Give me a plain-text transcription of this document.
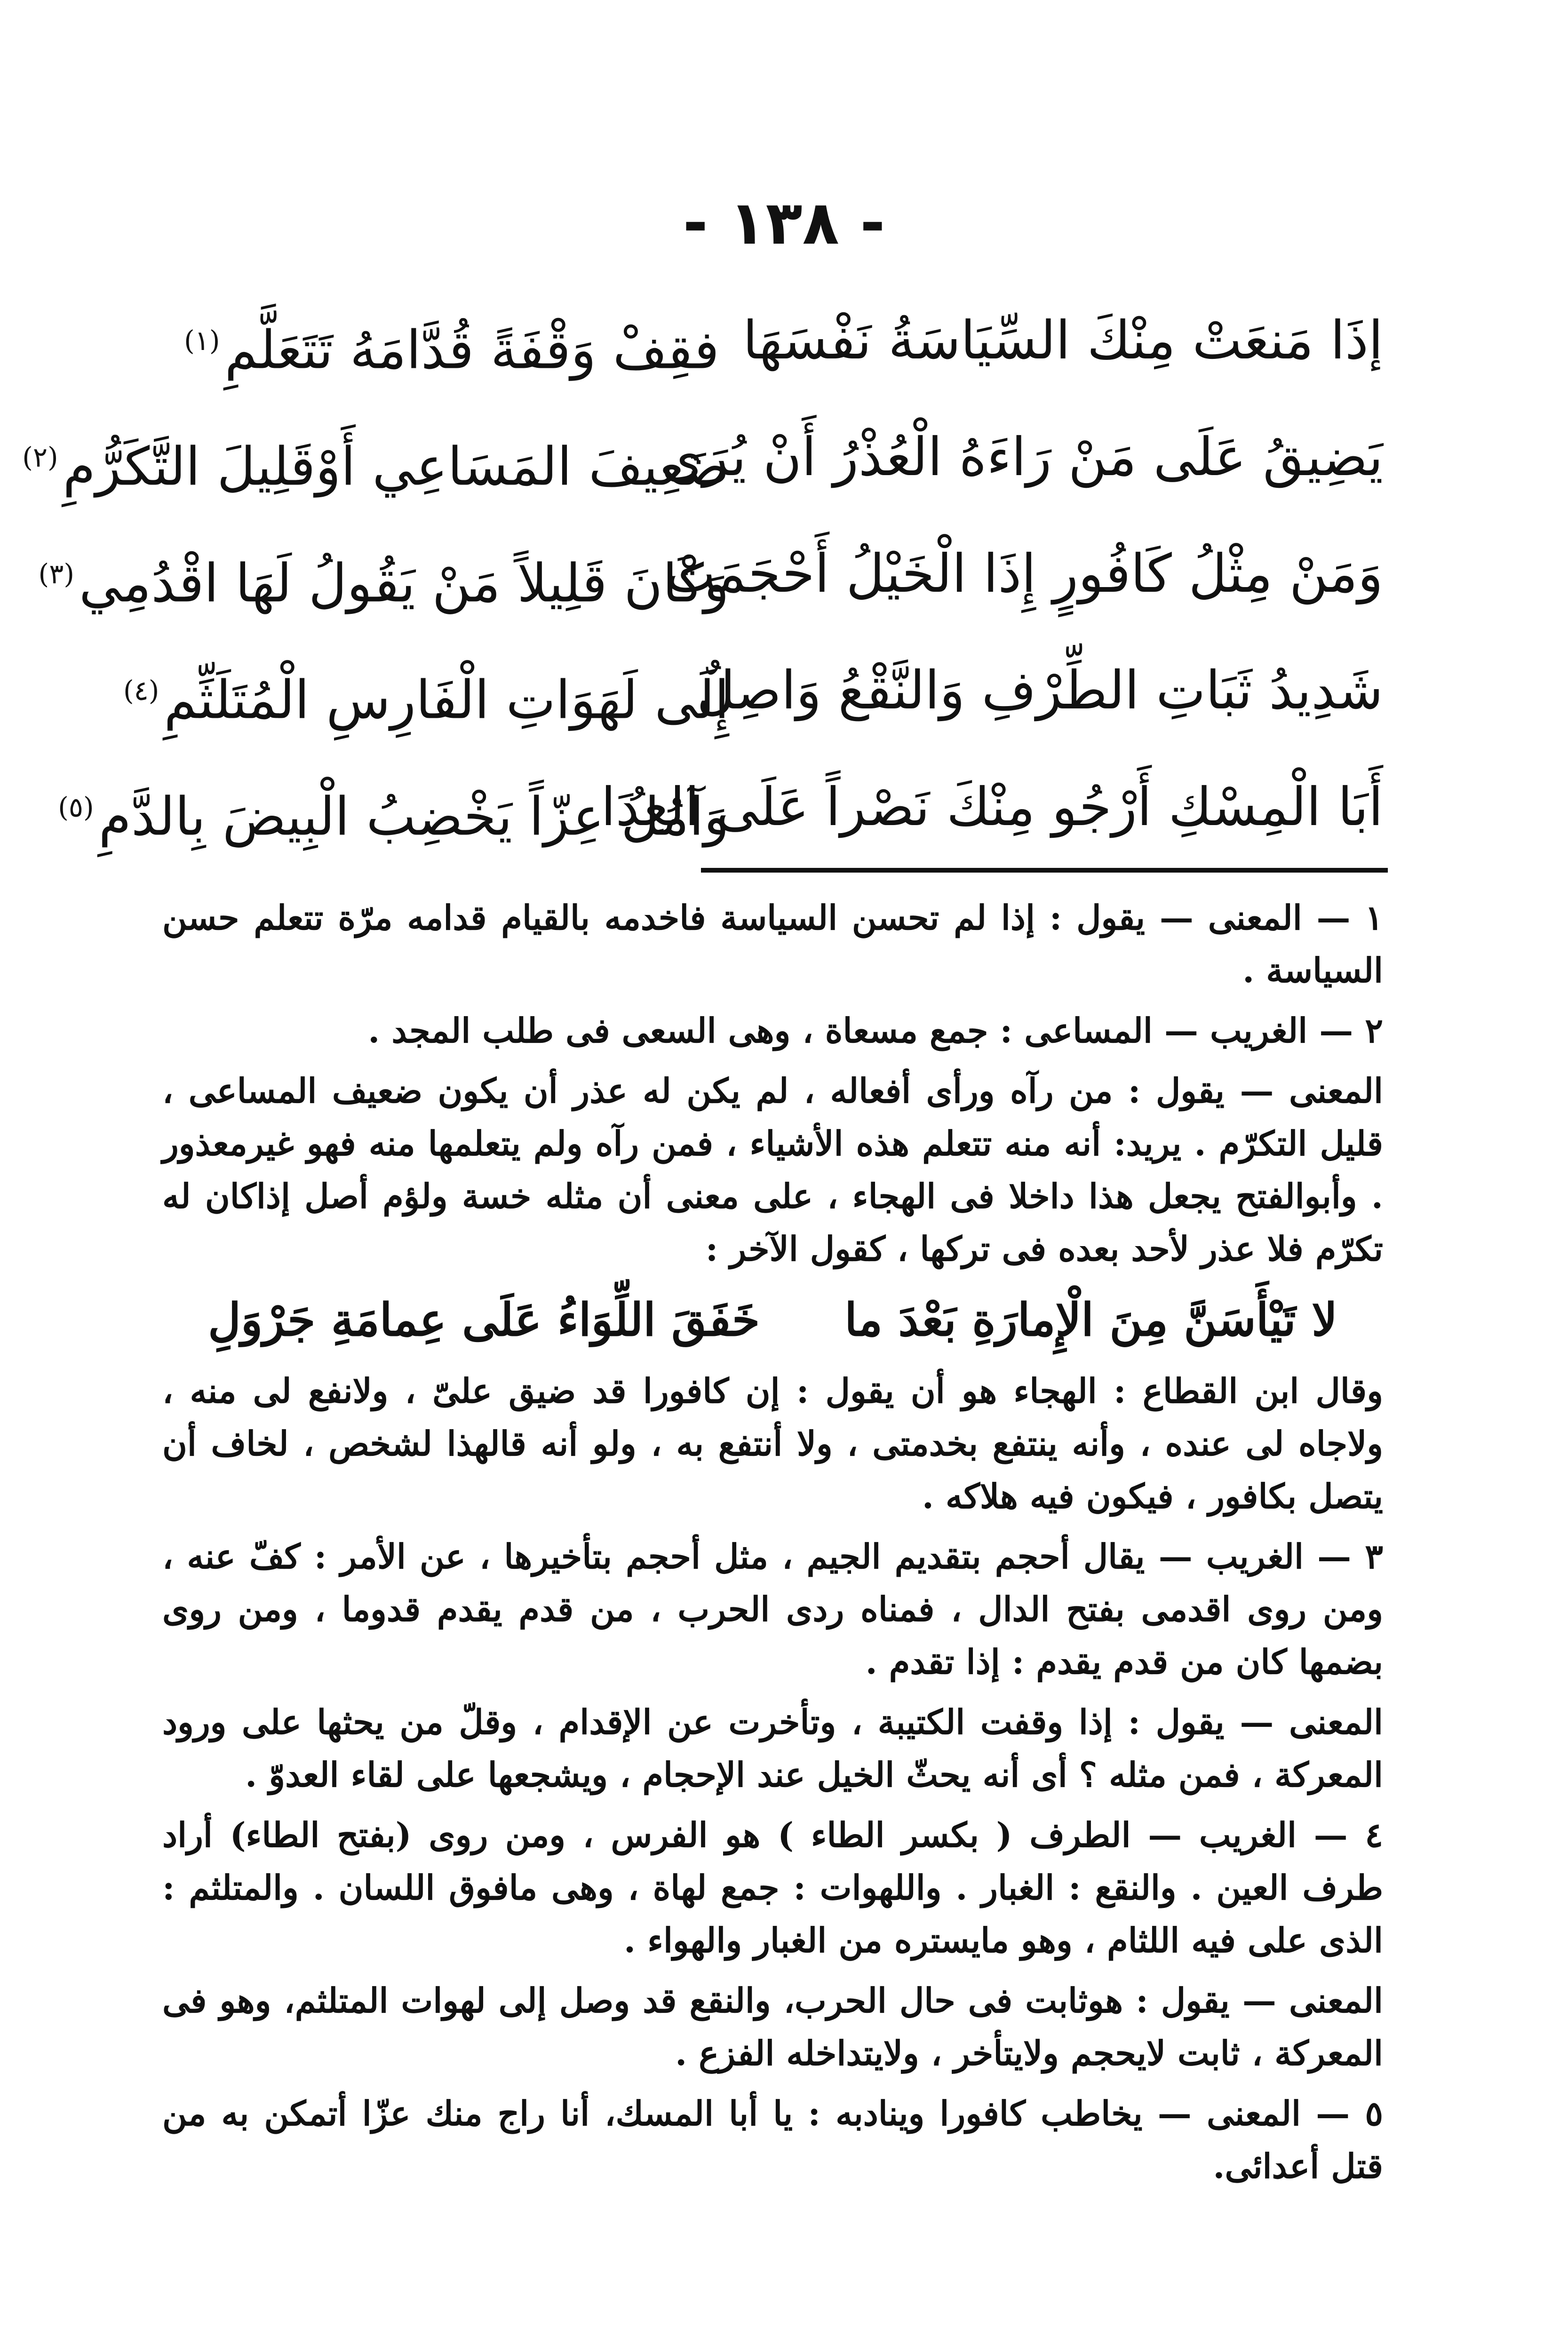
- ١٣٨ -
إذَا مَنعَتْ مِنْكَ السِّيَاسَةُ نَفْسَهَا
فقِفْ وَقْفَةً قُدَّامَهُ تَتَعَلَّمِ(١)
يَضِيقُ عَلَى مَنْ رَاءَهُ الْعُذْرُ أَنْ يُرَى
ضَعِيفَ المَسَاعِي أَوْقَلِيلَ التَّكَرُّمِ(٢)
وَمَنْ مِثْلُ كَافُورٍ إِذَا الْخَيْلُ أَحْجَمَتْ
وَكَانَ قَلِيلاً مَنْ يَقُولُ لَهَا اقْدُمِي(٣)
شَدِيدُ ثَبَاتِ الطِّرْفِ وَالنَّقْعُ وَاصِلٌ
إِلَى لَهَوَاتِ الْفَارِسِ الْمُتَلَثِّمِ(٤)
أَبَا الْمِسْكِ أَرْجُو مِنْكَ نَصْراً عَلَى العِدَا
وَآمُلُ عِزّاً يَخْضِبُ الْبِيضَ بِالدَّمِ(٥)

١ — المعنى — يقول : إذا لم تحسن السياسة فاخدمه بالقيام قدامه مرّة تتعلم حسن السياسة .

٢ — الغريب — المساعى : جمع مسعاة ، وهى السعى فى طلب المجد .

المعنى — يقول : من رآه ورأى أفعاله ، لم يكن له عذر أن يكون ضعيف المساعى ، قليل التكرّم . يريد: أنه منه تتعلم هذه الأشياء ، فمن رآه ولم يتعلمها منه فهو غيرمعذور . وأبوالفتح يجعل هذا داخلا فى الهجاء ، على معنى أن مثله خسة ولؤم أصل إذاكان له تكرّم فلا عذر لأحد بعده فى تركها ، كقول الآخر :

لا تَيْأَسَنَّ مِنَ الْإِمارَةِ بَعْدَ ما
خَفَقَ اللِّوَاءُ عَلَى عِمامَةِ جَرْوَلِ

وقال ابن القطاع : الهجاء هو أن يقول : إن كافورا قد ضيق علىّ ، ولانفع لى منه ، ولاجاه لى عنده ، وأنه ينتفع بخدمتى ، ولا أنتفع به ، ولو أنه قالهذا لشخص ، لخاف أن يتصل بكافور ، فيكون فيه هلاكه .

٣ — الغريب — يقال أحجم بتقديم الجيم ، مثل أحجم بتأخيرها ، عن الأمر : كفّ عنه ، ومن روى اقدمى بفتح الدال ، فمناه ردى الحرب ، من قدم يقدم قدوما ، ومن روى بضمها كان من قدم يقدم : إذا تقدم .

المعنى — يقول : إذا وقفت الكتيبة ، وتأخرت عن الإقدام ، وقلّ من يحثها على ورود المعركة ، فمن مثله ؟ أى أنه يحثّ الخيل عند الإحجام ، ويشجعها على لقاء العدوّ .

٤ — الغريب — الطرف ( بكسر الطاء ) هو الفرس ، ومن روى (بفتح الطاء) أراد طرف العين . والنقع : الغبار . واللهوات : جمع لهاة ، وهى مافوق اللسان . والمتلثم : الذى على فيه اللثام ، وهو مايستره من الغبار والهواء .

المعنى — يقول : هوثابت فى حال الحرب، والنقع قد وصل إلى لهوات المتلثم، وهو فى المعركة ، ثابت لايحجم ولايتأخر ، ولايتداخله الفزع .

٥ — المعنى — يخاطب كافورا وينادبه : يا أبا المسك، أنا راج منك عزّا أتمكن به من قتل أعدائى.
